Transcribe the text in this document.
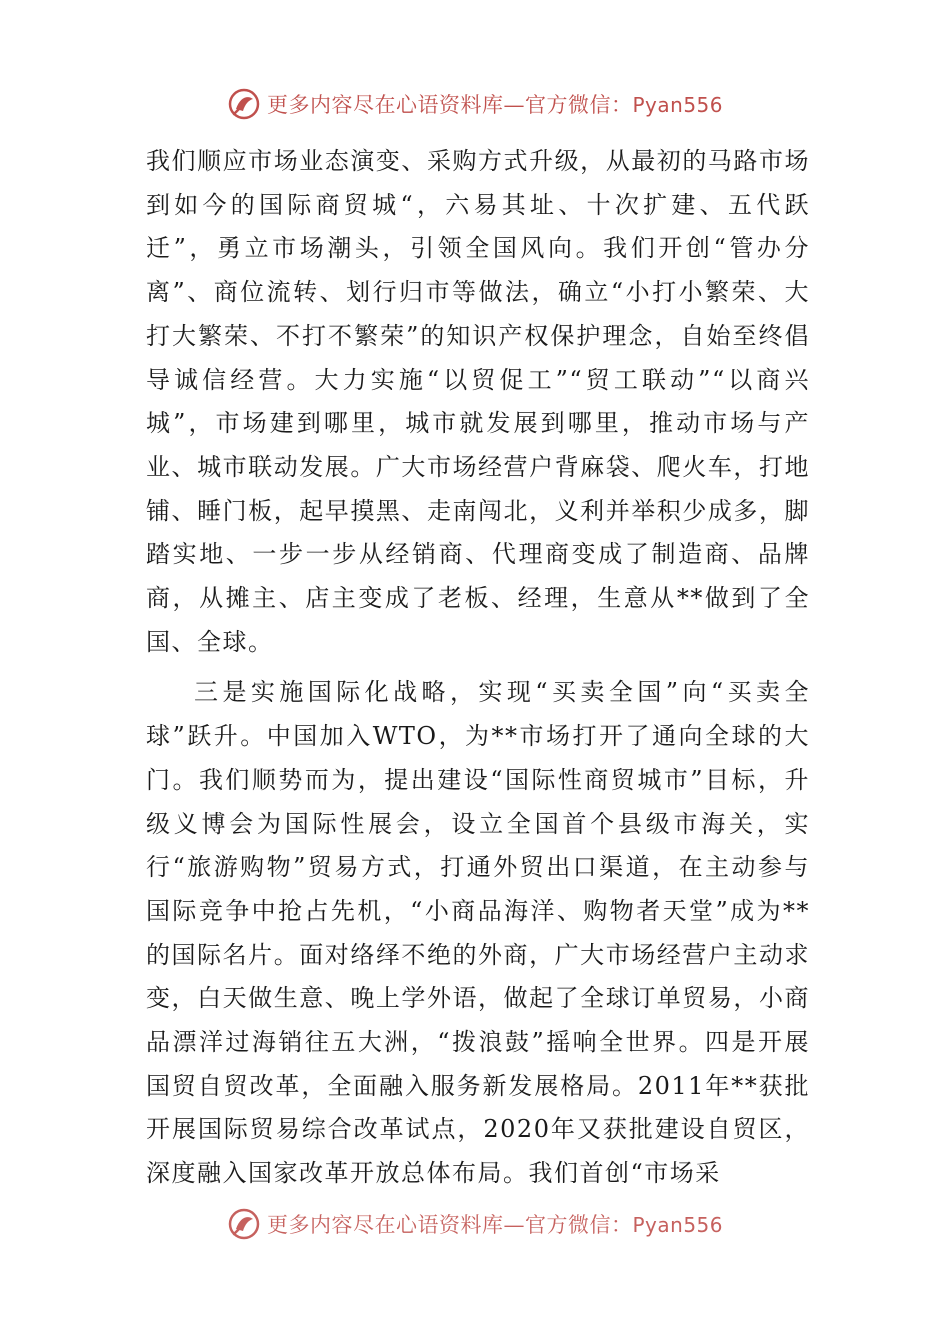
更多内容尽在心语资料库—官方微信：Pyan556

我们顺应市场业态演变、采购方式升级，从最初的马路市场到如今的国际商贸城“，六易其址、十次扩建、五代跃迁”，勇立市场潮头，引领全国风向。我们开创“管办分离”、商位流转、划行归市等做法，确立“小打小繁荣、大打大繁荣、不打不繁荣”的知识产权保护理念，自始至终倡导诚信经营。大力实施“以贸促工”“贸工联动”“以商兴城”，市场建到哪里，城市就发展到哪里，推动市场与产业、城市联动发展。广大市场经营户背麻袋、爬火车，打地铺、睡门板，起早摸黑、走南闯北，义利并举积少成多，脚踏实地、一步一步从经销商、代理商变成了制造商、品牌商，从摊主、店主变成了老板、经理，生意从**做到了全国、全球。

三是实施国际化战略，实现“买卖全国”向“买卖全球”跃升。中国加入WTO，为**市场打开了通向全球的大门。我们顺势而为，提出建设“国际性商贸城市”目标，升级义博会为国际性展会，设立全国首个县级市海关，实行“旅游购物”贸易方式，打通外贸出口渠道，在主动参与国际竞争中抢占先机，“小商品海洋、购物者天堂”成为**的国际名片。面对络绎不绝的外商，广大市场经营户主动求变，白天做生意、晚上学外语，做起了全球订单贸易，小商品漂洋过海销往五大洲，“拨浪鼓”摇响全世界。四是开展国贸自贸改革，全面融入服务新发展格局。2011年**获批开展国际贸易综合改革试点，2020年又获批建设自贸区，深度融入国家改革开放总体布局。我们首创“市场采

更多内容尽在心语资料库—官方微信：Pyan556
